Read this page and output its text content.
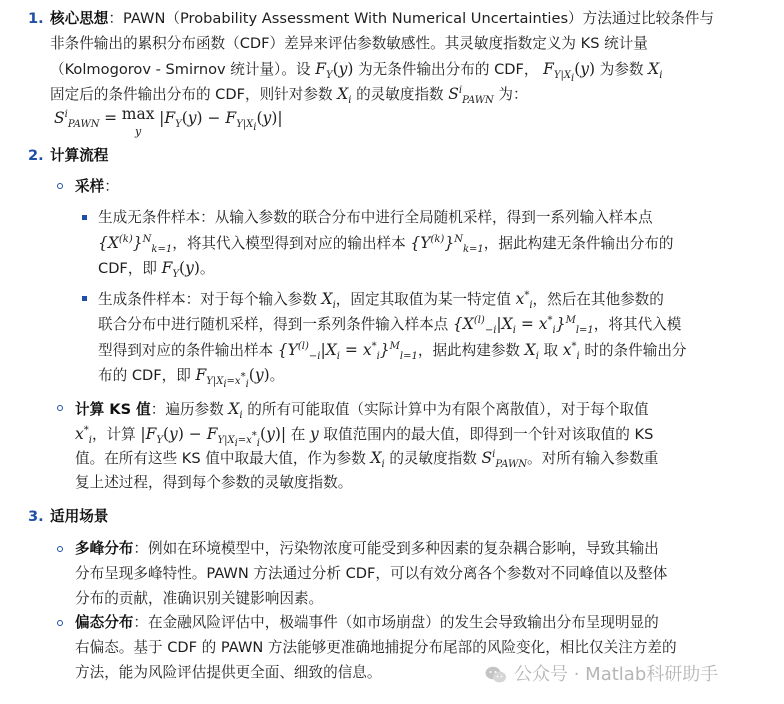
1. 核心思想：PAWN（Probability Assessment With Numerical Uncertainties）方法通过比较条件与
非条件输出的累积分布函数（CDF）差异来评估参数敏感性。其灵敏度指数定义为 KS 统计量
（Kolmogorov - Smirnov 统计量）。设 $F_Y(y)$ 为无条件输出分布的 CDF， $F_{Y|X_i}(y)$ 为参数 $X_i$
固定后的条件输出分布的 CDF，则针对参数 $X_i$ 的灵敏度指数 $S^i_{PAWN}$ 为：
$S^i_{PAWN} = \max$
y $|F_Y(y) - F_{Y|X_i}(y)|$
2. 计算流程
采样：
生成无条件样本：从输入参数的联合分布中进行全局随机采样，得到一系列输入样本点
$\{X^{(k)}\}^N_{k=1}$，将其代入模型得到对应的输出样本 $\{Y^{(k)}\}^N_{k=1}$，据此构建无条件输出分布的
CDF，即 $F_Y(y)$。
生成条件样本：对于每个输入参数 $X_i$，固定其取值为某一特定值 $x^*_i$，然后在其他参数的
联合分布中进行随机采样，得到一系列条件输入样本点 $\{X^{(l)}_{-i}|X_i = x^*_i\}^M_{l=1}$，将其代入模
型得到对应的条件输出样本 $\{Y^{(l)}_{-i}|X_i = x^*_i\}^M_{l=1}$，据此构建参数 $X_i$ 取 $x^*_i$ 时的条件输出分
布的 CDF，即 $F_{Y|X_i=x^*_i}(y)$。
计算 KS 值：遍历参数 $X_i$ 的所有可能取值（实际计算中为有限个离散值），对于每个取值
$x^*_i$，计算 $|F_Y(y) - F_{Y|X_i=x^*_i}(y)|$ 在 y 取值范围内的最大值，即得到一个针对该取值的 KS
值。在所有这些 KS 值中取最大值，作为参数 $X_i$ 的灵敏度指数 $S^i_{PAWN}$。对所有输入参数重
复上述过程，得到每个参数的灵敏度指数。
3. 适用场景
多峰分布：例如在环境模型中，污染物浓度可能受到多种因素的复杂耦合影响，导致其输出
分布呈现多峰特性。PAWN 方法通过分析 CDF，可以有效分离各个参数对不同峰值以及整体
分布的贡献，准确识别关键影响因素。
偏态分布：在金融风险评估中，极端事件（如市场崩盘）的发生会导致输出分布呈现明显的
右偏态。基于 CDF 的 PAWN 方法能够更准确地捕捉分布尾部的风险变化，相比仅关注方差的
方法，能为风险评估提供更全面、细致的信息。	公众号 · Matlab科研助手
